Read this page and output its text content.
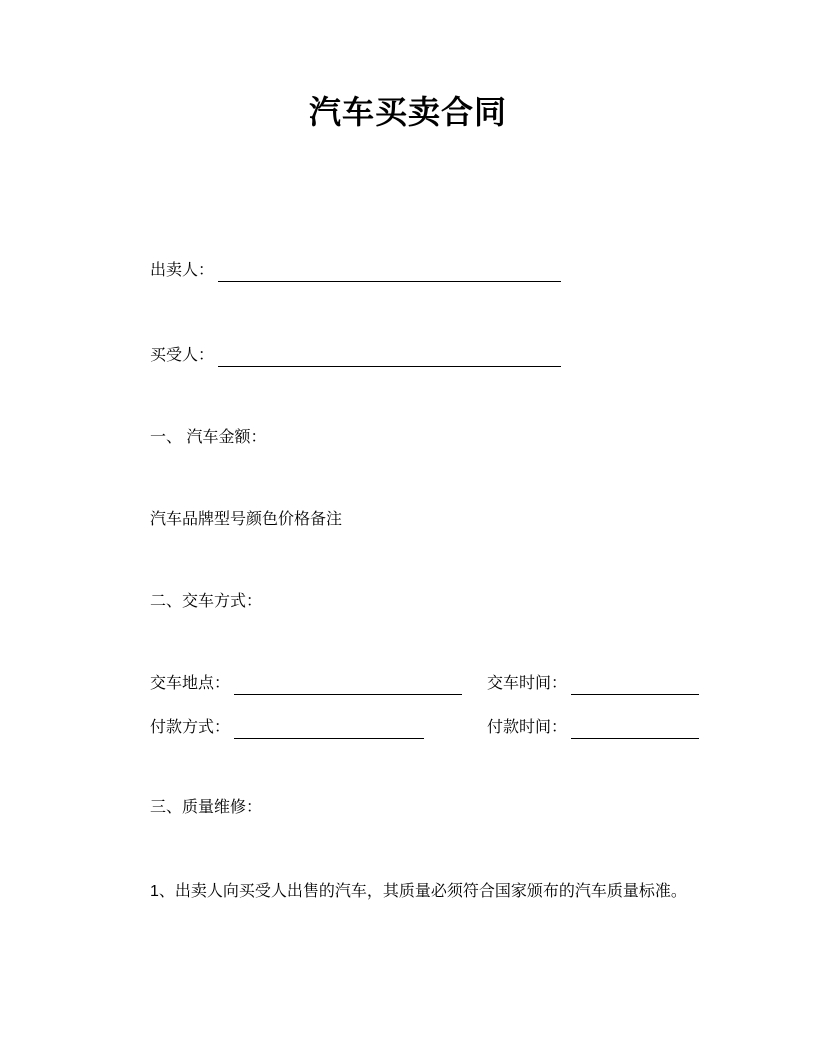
汽车买卖合同
出卖人：
买受人：
一、 汽车金额：
汽车品牌型号颜色价格备注
二、交车方式：
交车地点：	交车时间：
付款方式：	付款时间：
三、质量维修：
1、出卖人向买受人出售的汽车，其质量必须符合国家颁布的汽车质量标准。
